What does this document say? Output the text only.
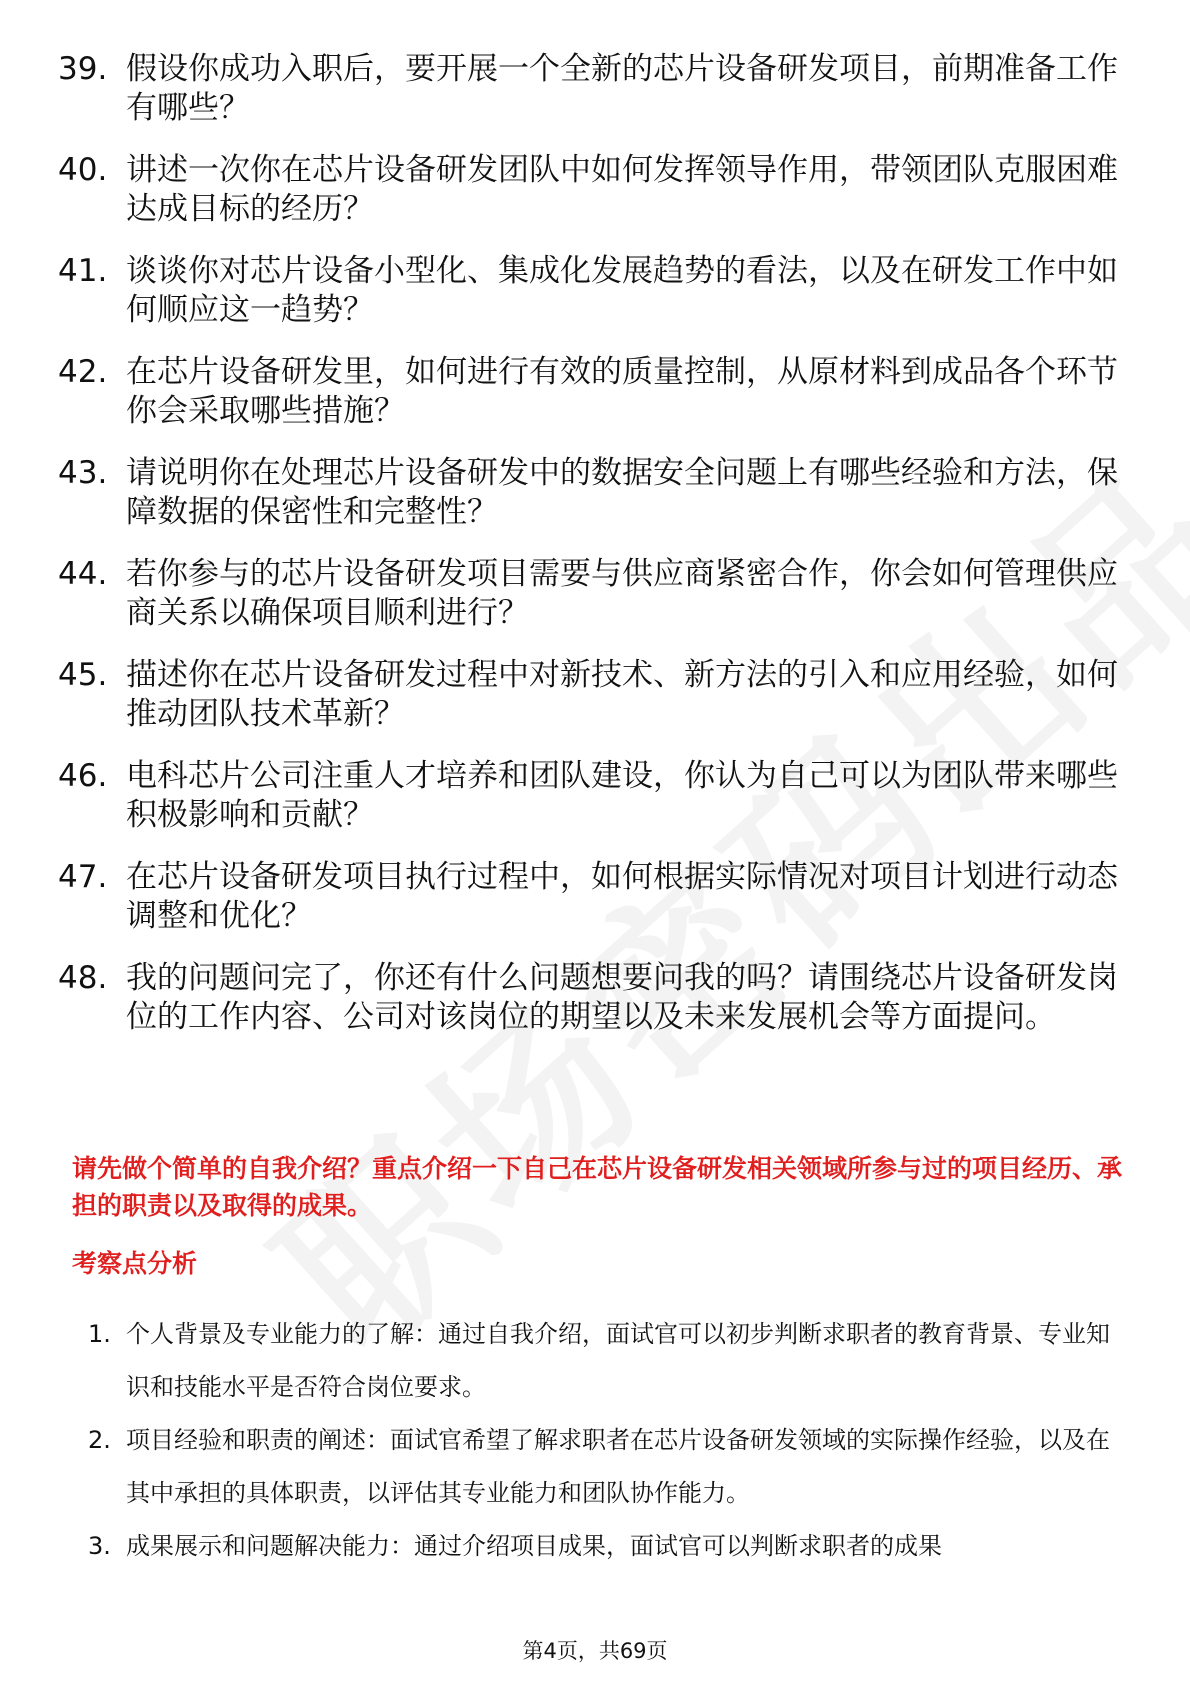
39. 假设你成功入职后，要开展一个全新的芯片设备研发项目，前期准备工作有哪些？
40. 讲述一次你在芯片设备研发团队中如何发挥领导作用，带领团队克服困难达成目标的经历？
41. 谈谈你对芯片设备小型化、集成化发展趋势的看法，以及在研发工作中如何顺应这一趋势？
42. 在芯片设备研发里，如何进行有效的质量控制，从原材料到成品各个环节你会采取哪些措施？
43. 请说明你在处理芯片设备研发中的数据安全问题上有哪些经验和方法，保障数据的保密性和完整性？
44. 若你参与的芯片设备研发项目需要与供应商紧密合作，你会如何管理供应商关系以确保项目顺利进行？
45. 描述你在芯片设备研发过程中对新技术、新方法的引入和应用经验，如何推动团队技术革新？
46. 电科芯片公司注重人才培养和团队建设，你认为自己可以为团队带来哪些积极影响和贡献？
47. 在芯片设备研发项目执行过程中，如何根据实际情况对项目计划进行动态调整和优化？
48. 我的问题问完了，你还有什么问题想要问我的吗？请围绕芯片设备研发岗位的工作内容、公司对该岗位的期望以及未来发展机会等方面提问。
请先做个简单的自我介绍？重点介绍一下自己在芯片设备研发相关领域所参与过的项目经历、承担的职责以及取得的成果。
考察点分析
1. 个人背景及专业能力的了解：通过自我介绍，面试官可以初步判断求职者的教育背景、专业知识和技能水平是否符合岗位要求。
2. 项目经验和职责的阐述：面试官希望了解求职者在芯片设备研发领域的实际操作经验，以及在其中承担的具体职责，以评估其专业能力和团队协作能力。
3. 成果展示和问题解决能力：通过介绍项目成果，面试官可以判断求职者的成果
第4页，共69页
